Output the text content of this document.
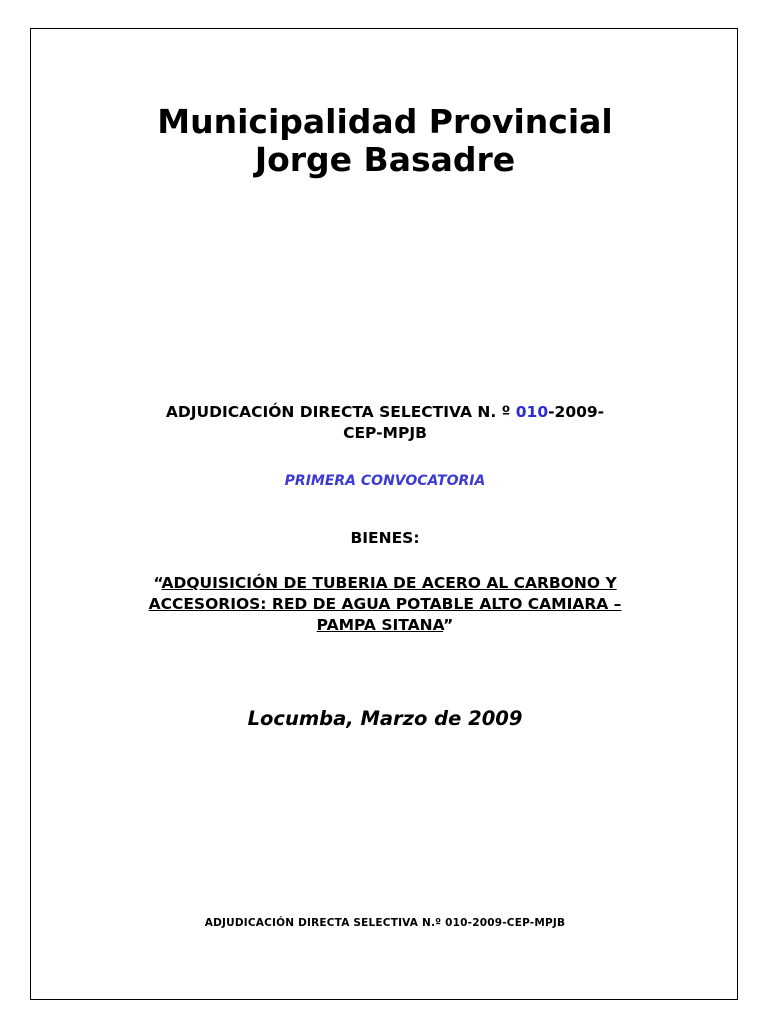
Municipalidad Provincial
Jorge Basadre
ADJUDICACIÓN DIRECTA SELECTIVA N. º 010-2009-
CEP-MPJB
PRIMERA CONVOCATORIA
BIENES:
“ADQUISICIÓN DE TUBERIA DE ACERO AL CARBONO Y
ACCESORIOS: RED DE AGUA POTABLE ALTO CAMIARA –
PAMPA SITANA”
Locumba, Marzo de 2009
ADJUDICACIÓN DIRECTA SELECTIVA N.º 010-2009-CEP-MPJB
